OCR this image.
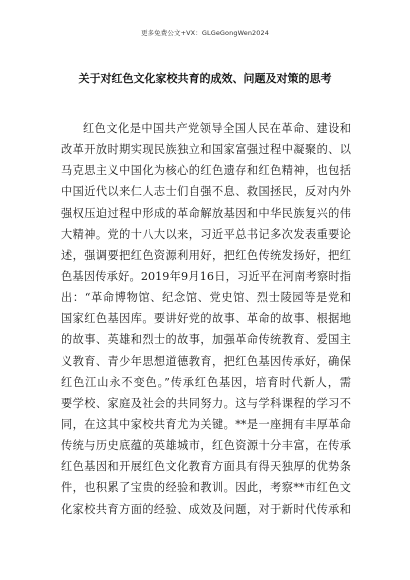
更多免费公文+VX：GLGeGongWen2024
关于对红色文化家校共育的成效、问题及对策的思考
红色文化是中国共产党领导全国人民在革命、建设和
改革开放时期实现民族独立和国家富强过程中凝聚的、以
马克思主义中国化为核心的红色遗存和红色精神，也包括
中国近代以来仁人志士们自强不息、救国拯民，反对内外
强权压迫过程中形成的革命解放基因和中华民族复兴的伟
大精神。党的十八大以来，习近平总书记多次发表重要论
述，强调要把红色资源利用好，把红色传统发扬好，把红
色基因传承好。2019年9月16日，习近平在河南考察时指
出：“革命博物馆、纪念馆、党史馆、烈士陵园等是党和
国家红色基因库。要讲好党的故事、革命的故事、根据地
的故事、英雄和烈士的故事，加强革命传统教育、爱国主
义教育、青少年思想道德教育，把红色基因传承好，确保
红色江山永不变色。”传承红色基因，培育时代新人，需
要学校、家庭及社会的共同努力。这与学科课程的学习不
同，在这其中家校共育尤为关键。**是一座拥有丰厚革命
传统与历史底蕴的英雄城市，红色资源十分丰富，在传承
红色基因和开展红色文化教育方面具有得天独厚的优势条
件，也积累了宝贵的经验和教训。因此，考察**市红色文
化家校共育方面的经验、成效及问题，对于新时代传承和
